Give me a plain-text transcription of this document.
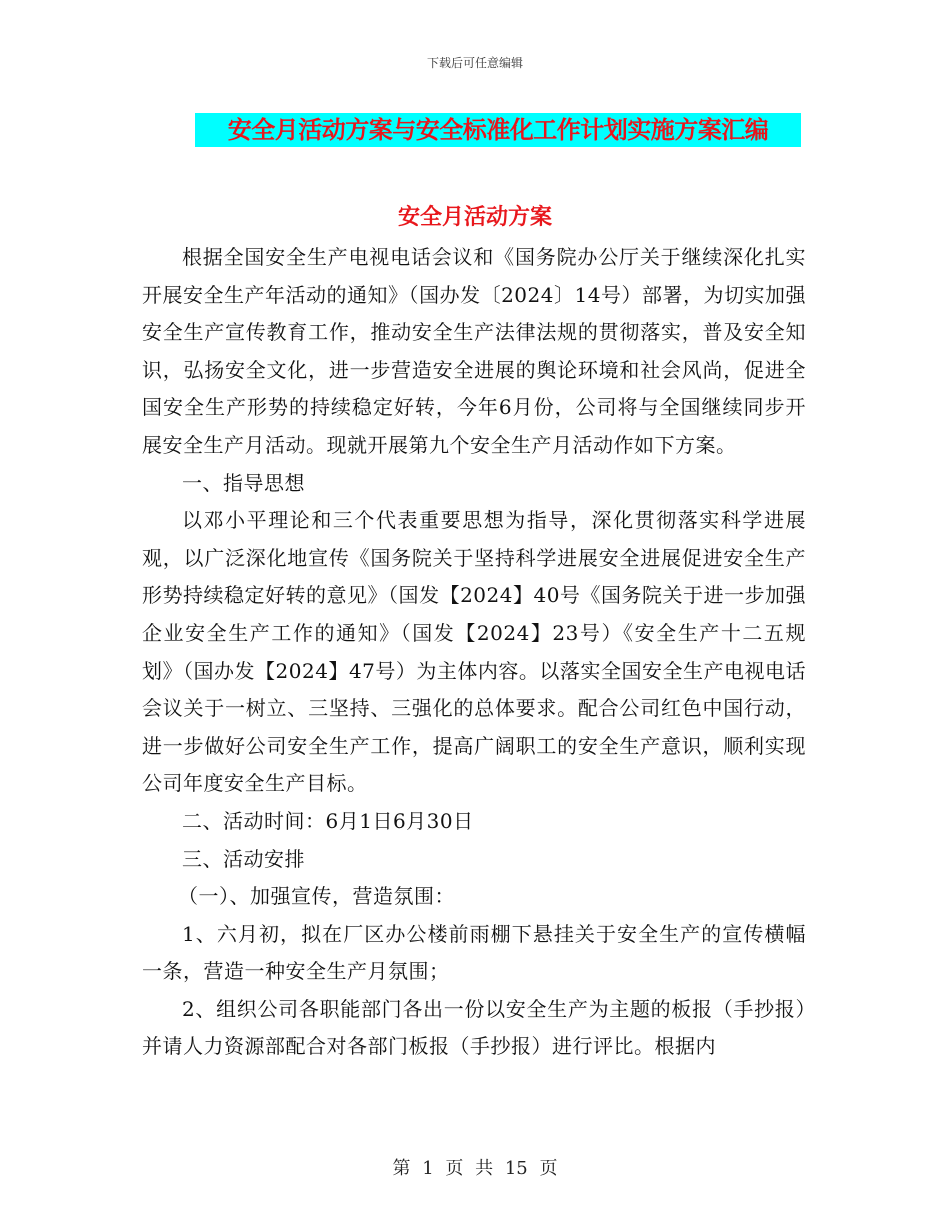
下载后可任意编辑
安全月活动方案与安全标准化工作计划实施方案汇编
安全月活动方案

根据全国安全生产电视电话会议和《国务院办公厅关于继续深化扎实开展安全生产年活动的通知》（国办发〔2024〕14号）部署，为切实加强安全生产宣传教育工作，推动安全生产法律法规的贯彻落实，普及安全知识，弘扬安全文化，进一步营造安全进展的舆论环境和社会风尚，促进全国安全生产形势的持续稳定好转，今年6月份，公司将与全国继续同步开展安全生产月活动。现就开展第九个安全生产月活动作如下方案。

一、指导思想

以邓小平理论和三个代表重要思想为指导，深化贯彻落实科学进展观，以广泛深化地宣传《国务院关于坚持科学进展安全进展促进安全生产形势持续稳定好转的意见》（国发【2024】40号《国务院关于进一步加强企业安全生产工作的通知》（国发【2024】23号）《安全生产十二五规划》（国办发【2024】47号）为主体内容。以落实全国安全生产电视电话会议关于一树立、三坚持、三强化的总体要求。配合公司红色中国行动，进一步做好公司安全生产工作，提高广阔职工的安全生产意识，顺利实现公司年度安全生产目标。

二、活动时间：6月1日6月30日

三、活动安排

（一）、加强宣传，营造氛围：

1、六月初，拟在厂区办公楼前雨棚下悬挂关于安全生产的宣传横幅一条，营造一种安全生产月氛围；

2、组织公司各职能部门各出一份以安全生产为主题的板报（手抄报）并请人力资源部配合对各部门板报（手抄报）进行评比。根据内

第 1 页 共 15 页
